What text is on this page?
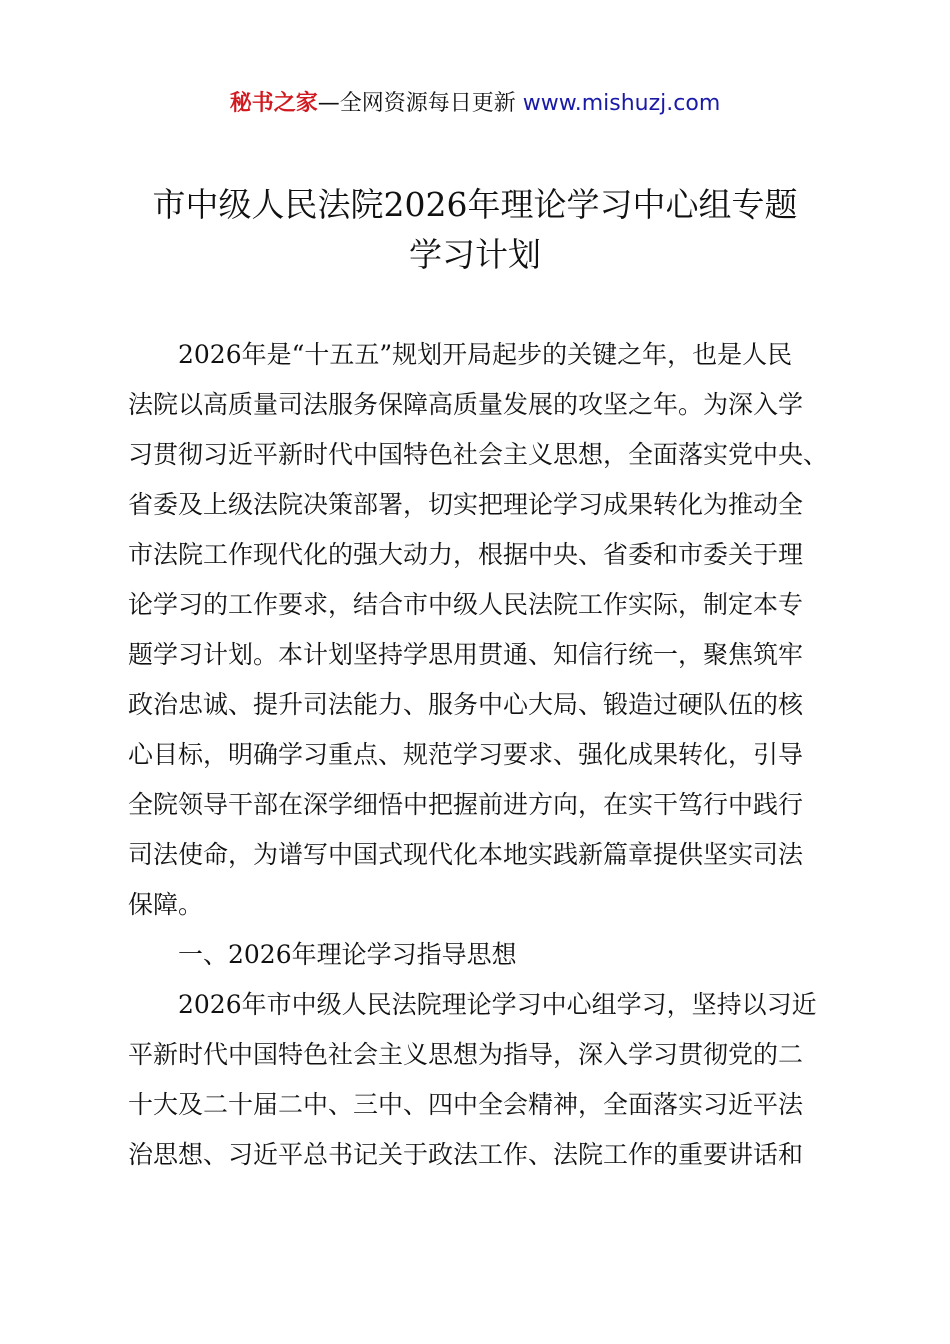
秘书之家—全网资源每日更新 www.mishuzj.com
市中级人民法院2026年理论学习中心组专题
学习计划
2026年是“十五五”规划开局起步的关键之年，也是人民
法院以高质量司法服务保障高质量发展的攻坚之年。为深入学
习贯彻习近平新时代中国特色社会主义思想，全面落实党中央、
省委及上级法院决策部署，切实把理论学习成果转化为推动全
市法院工作现代化的强大动力，根据中央、省委和市委关于理
论学习的工作要求，结合市中级人民法院工作实际，制定本专
题学习计划。本计划坚持学思用贯通、知信行统一，聚焦筑牢
政治忠诚、提升司法能力、服务中心大局、锻造过硬队伍的核
心目标，明确学习重点、规范学习要求、强化成果转化，引导
全院领导干部在深学细悟中把握前进方向，在实干笃行中践行
司法使命，为谱写中国式现代化本地实践新篇章提供坚实司法
保障。
一、2026年理论学习指导思想
2026年市中级人民法院理论学习中心组学习，坚持以习近
平新时代中国特色社会主义思想为指导，深入学习贯彻党的二
十大及二十届二中、三中、四中全会精神，全面落实习近平法
治思想、习近平总书记关于政法工作、法院工作的重要讲话和
